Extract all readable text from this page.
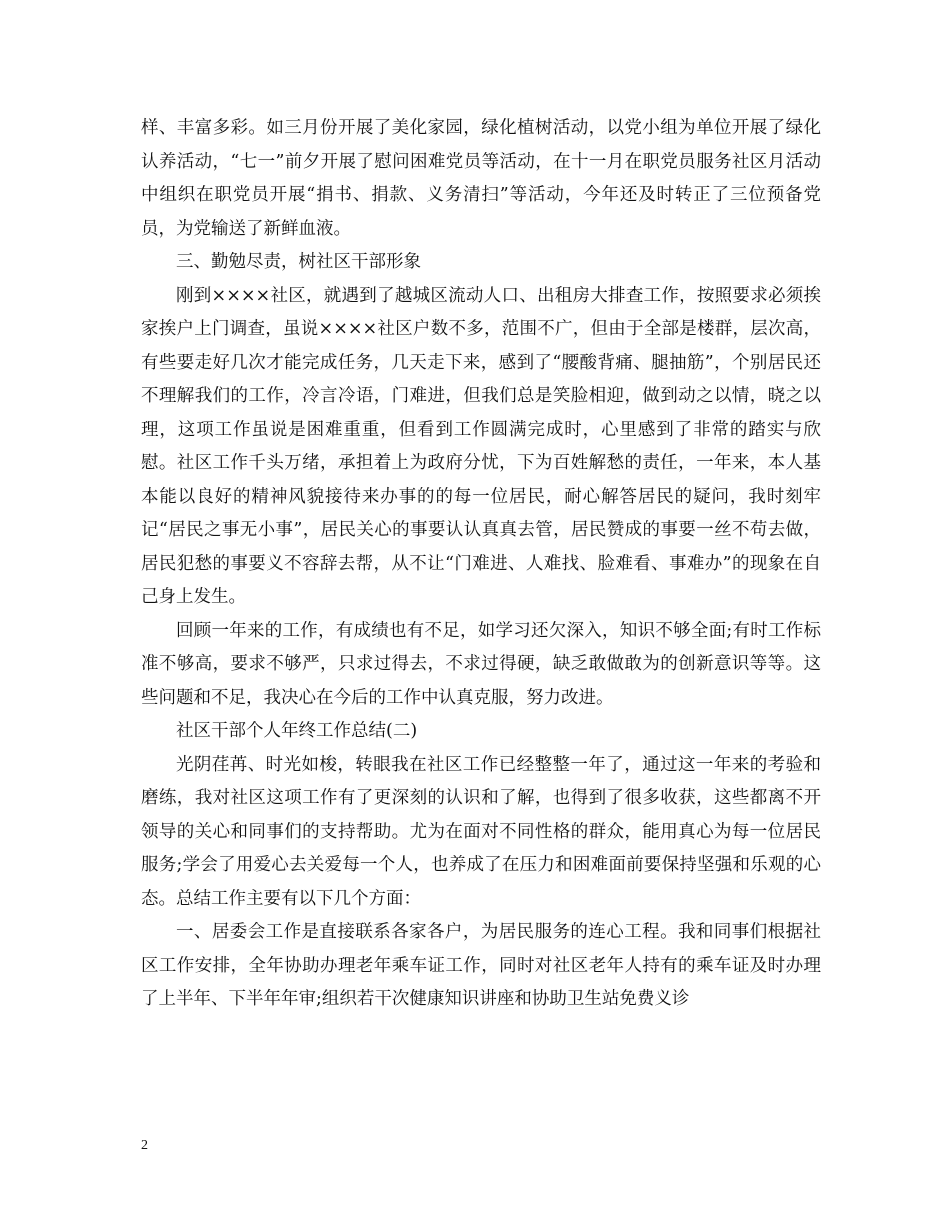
样、丰富多彩。如三月份开展了美化家园，绿化植树活动，以党小组为单位开展了绿化认养活动，“七一”前夕开展了慰问困难党员等活动，在十一月在职党员服务社区月活动中组织在职党员开展“捐书、捐款、义务清扫”等活动，今年还及时转正了三位预备党员，为党输送了新鲜血液。

三、勤勉尽责，树社区干部形象

刚到××××社区，就遇到了越城区流动人口、出租房大排查工作，按照要求必须挨家挨户上门调查，虽说××××社区户数不多，范围不广，但由于全部是楼群，层次高，有些要走好几次才能完成任务，几天走下来，感到了“腰酸背痛、腿抽筋”，个别居民还不理解我们的工作，冷言冷语，门难进，但我们总是笑脸相迎，做到动之以情，晓之以理，这项工作虽说是困难重重，但看到工作圆满完成时，心里感到了非常的踏实与欣慰。社区工作千头万绪，承担着上为政府分忧，下为百姓解愁的责任，一年来，本人基本能以良好的精神风貌接待来办事的的每一位居民，耐心解答居民的疑问，我时刻牢记“居民之事无小事”，居民关心的事要认认真真去管，居民赞成的事要一丝不苟去做，居民犯愁的事要义不容辞去帮，从不让“门难进、人难找、脸难看、事难办”的现象在自己身上发生。

回顾一年来的工作，有成绩也有不足，如学习还欠深入，知识不够全面;有时工作标准不够高，要求不够严，只求过得去，不求过得硬，缺乏敢做敢为的创新意识等等。这些问题和不足，我决心在今后的工作中认真克服，努力改进。

社区干部个人年终工作总结(二)

光阴荏苒、时光如梭，转眼我在社区工作已经整整一年了，通过这一年来的考验和磨练，我对社区这项工作有了更深刻的认识和了解，也得到了很多收获，这些都离不开领导的关心和同事们的支持帮助。尤为在面对不同性格的群众，能用真心为每一位居民服务;学会了用爱心去关爱每一个人，也养成了在压力和困难面前要保持坚强和乐观的心态。总结工作主要有以下几个方面：

一、居委会工作是直接联系各家各户，为居民服务的连心工程。我和同事们根据社区工作安排，全年协助办理老年乘车证工作，同时对社区老年人持有的乘车证及时办理了上半年、下半年年审;组织若干次健康知识讲座和协助卫生站免费义诊

2
